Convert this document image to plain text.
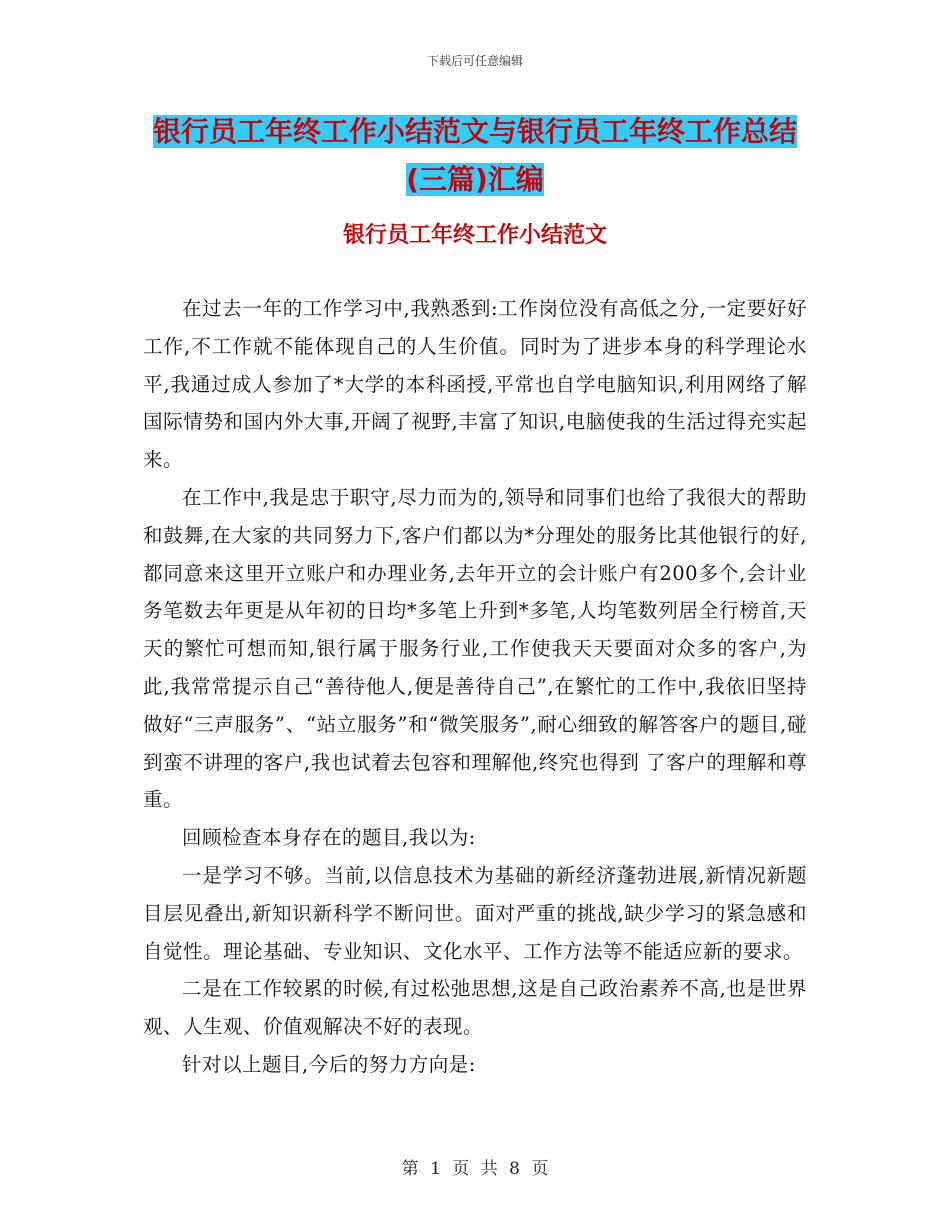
下载后可任意编辑
银行员工年终工作小结范文与银行员工年终工作总结
(三篇)汇编
银行员工年终工作小结范文

在过去一年的工作学习中,我熟悉到:工作岗位没有高低之分,一定要好好工作,不工作就不能体现自己的人生价值。同时为了进步本身的科学理论水平,我通过成人参加了*大学的本科函授,平常也自学电脑知识,利用网络了解国际情势和国内外大事,开阔了视野,丰富了知识,电脑使我的生活过得充实起来。

在工作中,我是忠于职守,尽力而为的,领导和同事们也给了我很大的帮助和鼓舞,在大家的共同努力下,客户们都以为*分理处的服务比其他银行的好,都同意来这里开立账户和办理业务,去年开立的会计账户有200多个,会计业务笔数去年更是从年初的日均*多笔上升到*多笔,人均笔数列居全行榜首,天天的繁忙可想而知,银行属于服务行业,工作使我天天要面对众多的客户,为此,我常常提示自己“善待他人,便是善待自己”,在繁忙的工作中,我依旧坚持做好“三声服务”、“站立服务”和“微笑服务”,耐心细致的解答客户的题目,碰到蛮不讲理的客户,我也试着去包容和理解他,终究也得到 了客户的理解和尊重。

回顾检查本身存在的题目,我以为:

一是学习不够。当前,以信息技术为基础的新经济蓬勃进展,新情况新题目层见叠出,新知识新科学不断问世。面对严重的挑战,缺少学习的紧急感和自觉性。理论基础、专业知识、文化水平、工作方法等不能适应新的要求。

二是在工作较累的时候,有过松弛思想,这是自己政治素养不高,也是世界观、人生观、价值观解决不好的表现。

针对以上题目,今后的努力方向是:

第 1 页 共 8 页
